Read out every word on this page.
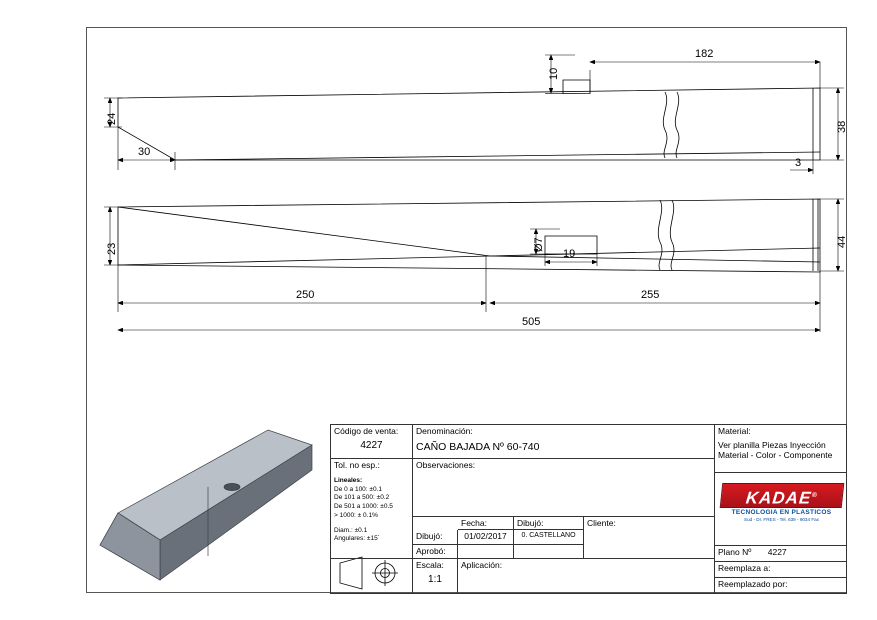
24
30
10
182
38
3
23	Ø7
19
44
250	255
505
Código de venta:
4227
Tol. no esp.:
Lineales:
De 0 a 100: ±0.1
De 101 a 500: ±0.2
De 501 a 1000: ±0.5
> 1000: ± 0.1%
Diam.: ±0.1
Angulares: ±15´
Denominación:
CAÑO BAJADA Nº 60-740
Observaciones:
Fecha:	Dibujó:	Cliente:
Dibujó:	01/02/2017	0. CASTELLANO
Aprobó:
Escala:
1:1
Aplicación:
Material:
Ver planilla Piezas Inyección
Material - Color - Componente
Plano Nº 4227
Reemplaza a:
Reemplazado por:
KADAE®
TECNOLOGIA EN PLASTICOS
Sud - Dr. FRES - Tel. 639 - 9034 Fax
